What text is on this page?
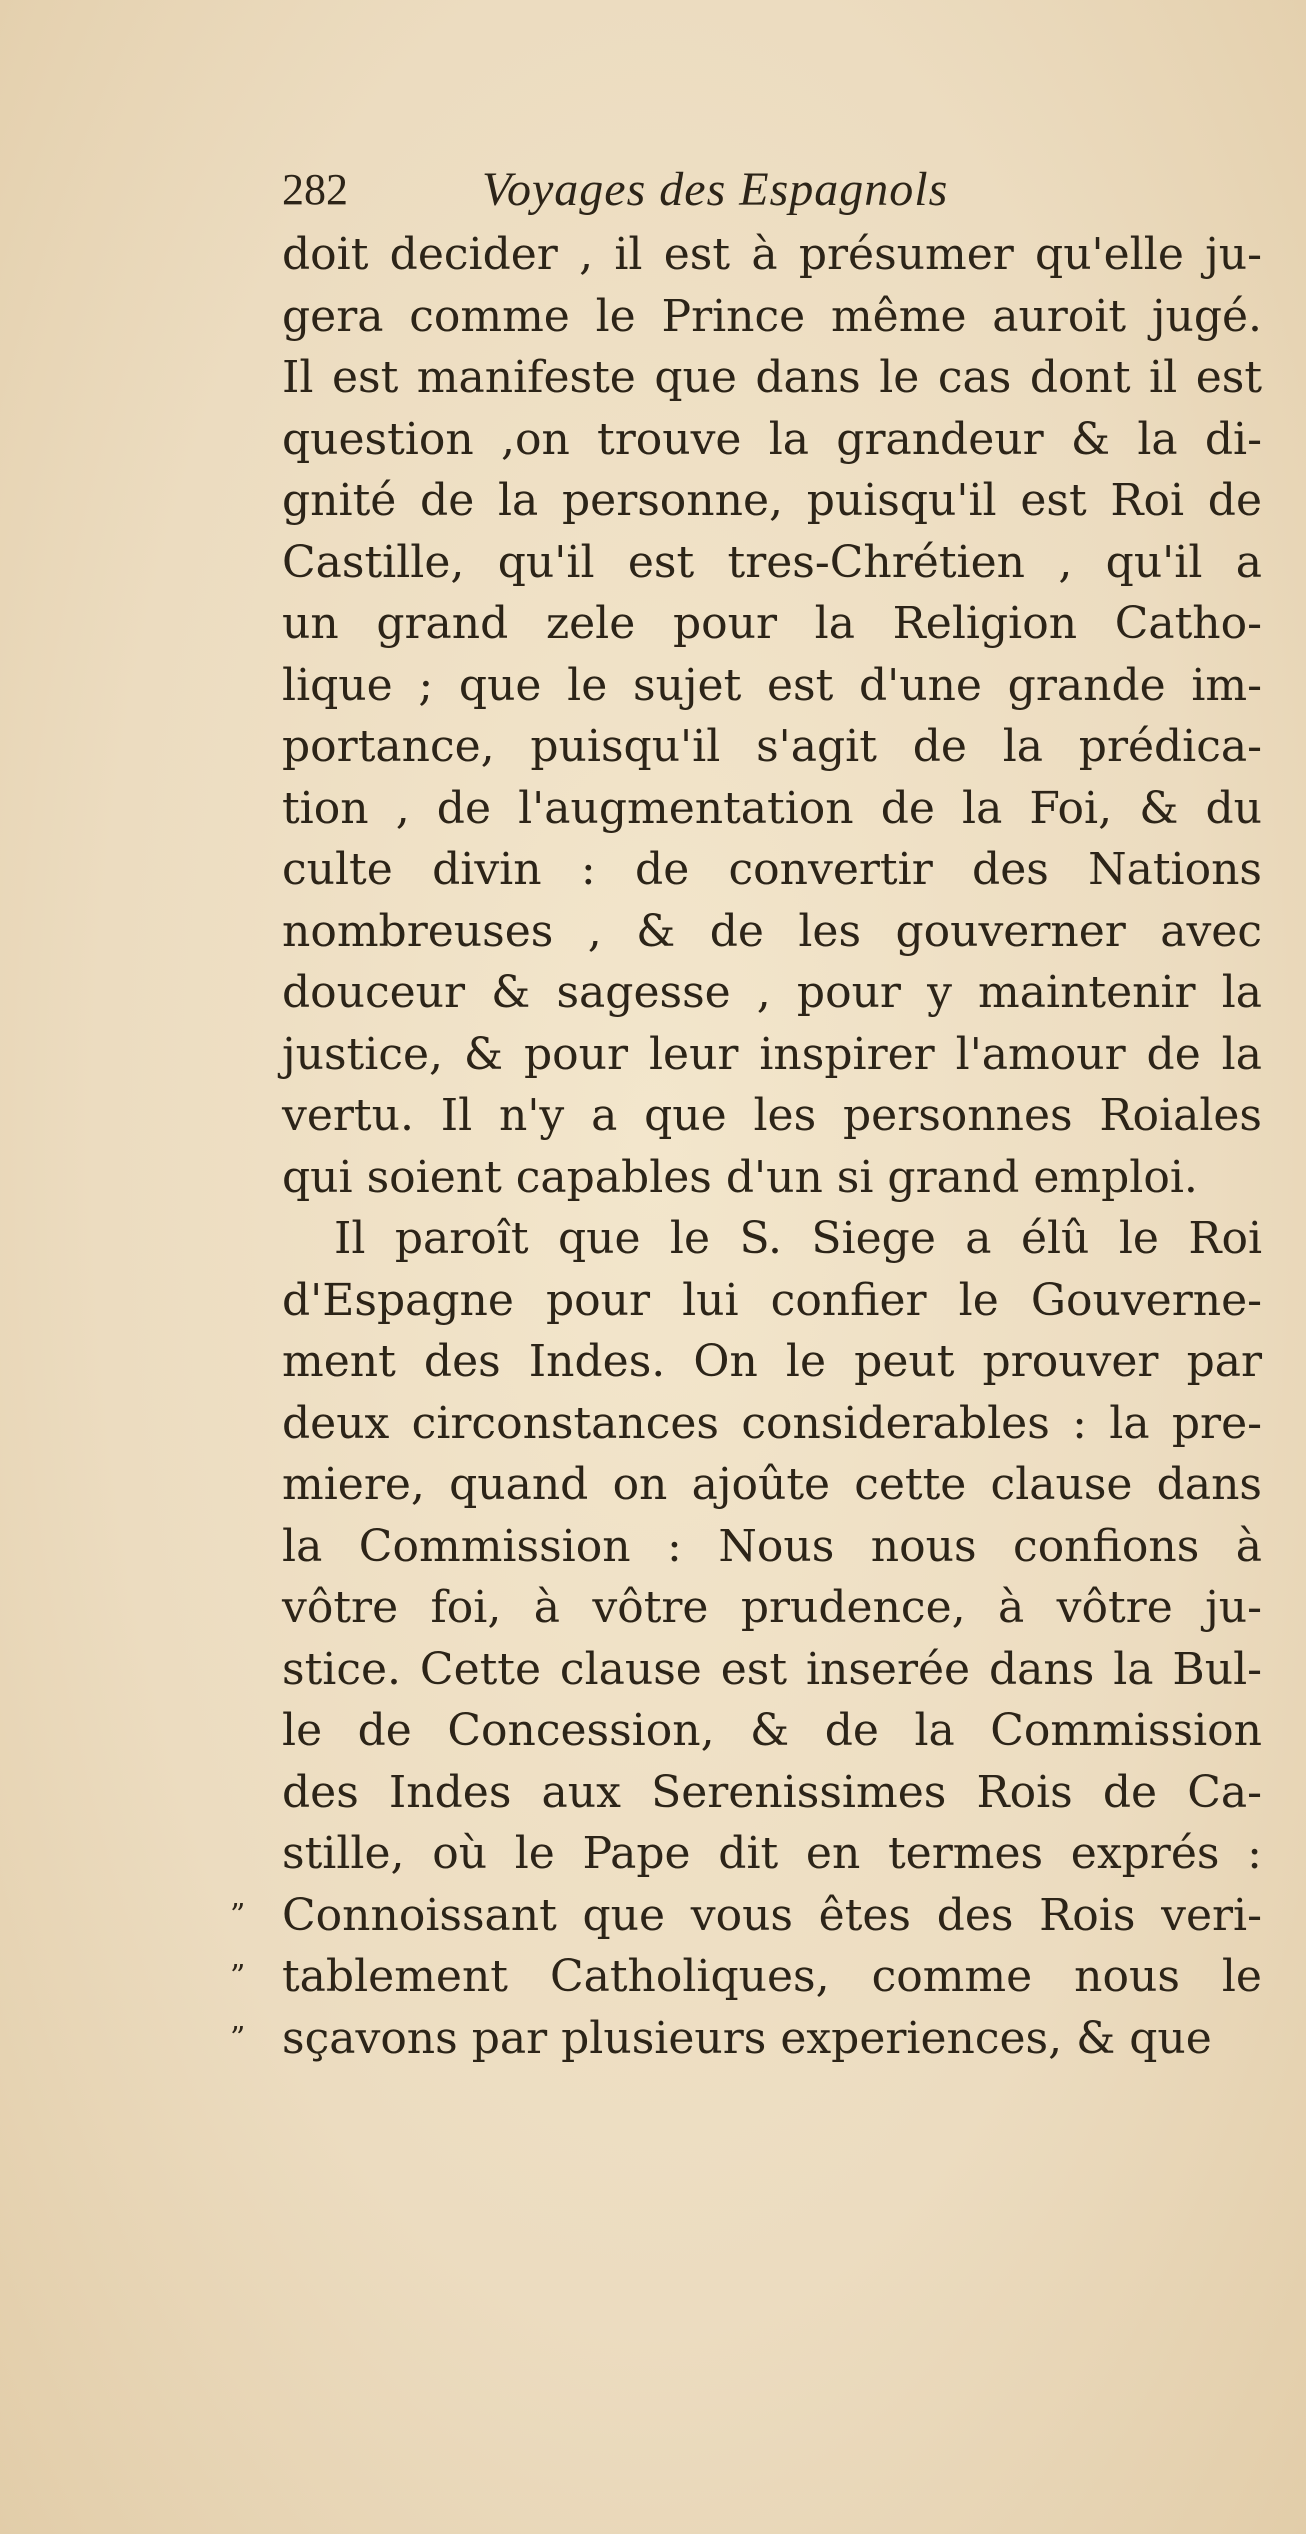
282	Voyages des Espagnols
doit decider , il est à présumer qu'elle ju-
gera comme le Prince même auroit jugé.
Il est manifeste que dans le cas dont il est
question ,on trouve la grandeur & la di-
gnité de la personne, puisqu'il est Roi de
Castille, qu'il est tres-Chrétien , qu'il a
un grand zele pour la Religion Catho-
lique ; que le sujet est d'une grande im-
portance, puisqu'il s'agit de la prédica-
tion , de l'augmentation de la Foi, & du
culte divin : de convertir des Nations
nombreuses , & de les gouverner avec
douceur & sagesse , pour y maintenir la
justice, & pour leur inspirer l'amour de la
vertu. Il n'y a que les personnes Roiales
qui soient capables d'un si grand emploi.
Il paroît que le S. Siege a élû le Roi
d'Espagne pour lui confier le Gouverne-
ment des Indes. On le peut prouver par
deux circonstances considerables : la pre-
miere, quand on ajoûte cette clause dans
la Commission : Nous nous confions à
vôtre foi, à vôtre prudence, à vôtre ju-
stice. Cette clause est inserée dans la Bul-
le de Concession, & de la Commission
des Indes aux Serenissimes Rois de Ca-
stille, où le Pape dit en termes exprés :
” Connoissant que vous êtes des Rois veri-
” tablement Catholiques, comme nous le
” sçavons par plusieurs experiences, & que
